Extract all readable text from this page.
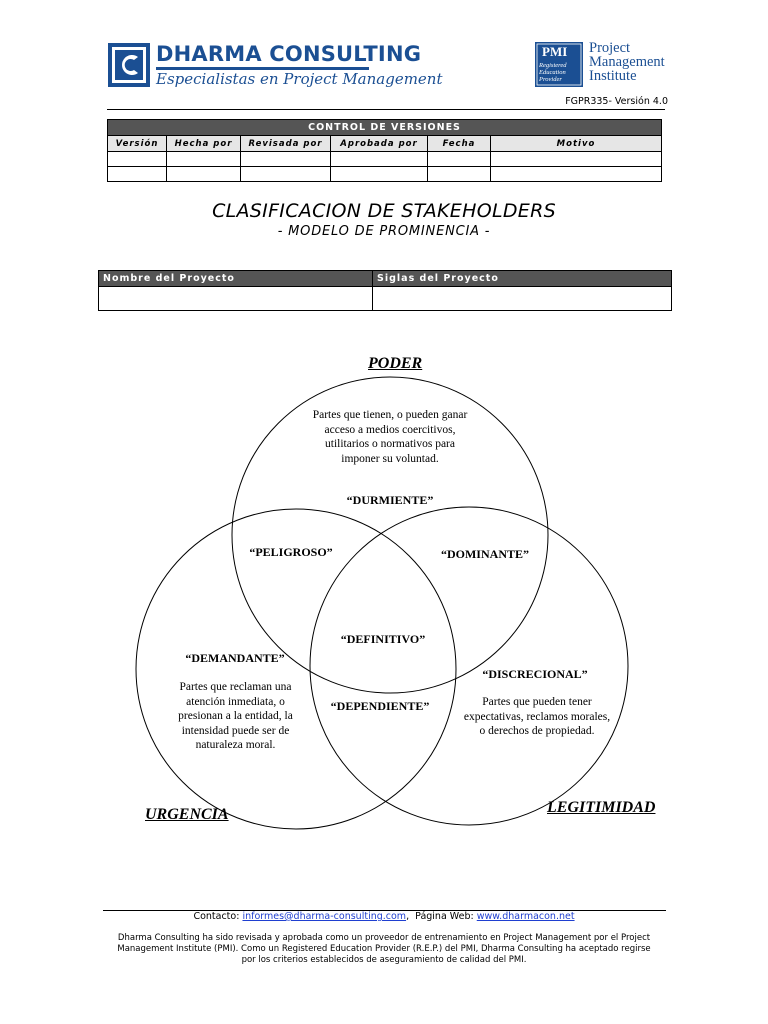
DHARMA CONSULTING
Especialistas en Project Management
PMI
Registered
Education
Provider
Project
Management
Institute
FGPR335- Versión 4.0
CONTROL DE VERSIONES					
Versión	Hecha por	Revisada por	Aprobada por	Fecha	Motivo

CLASIFICACION DE STAKEHOLDERS
- MODELO DE PROMINENCIA -
Nombre del Proyecto	Siglas del Proyecto

PODER
URGENCIA	LEGITIMIDAD
Partes que tienen, o pueden ganar acceso a medios coercitivos, utilitarios o normativos para imponer su voluntad.
“DURMIENTE”
“PELIGROSO”	“DOMINANTE”
“DEFINITIVO”
“DEMANDANTE”
Partes que reclaman una atención inmediata, o presionan a la entidad, la intensidad puede ser de naturaleza moral.
“DEPENDIENTE”
“DISCRECIONAL”
Partes que pueden tener expectativas, reclamos morales, o derechos de propiedad.
Contacto: informes@dharma-consulting.com,  Página Web: www.dharmacon.net
Dharma Consulting ha sido revisada y aprobada como un proveedor de entrenamiento en Project Management por el Project Management Institute (PMI). Como un Registered Education Provider (R.E.P.) del PMI, Dharma Consulting ha aceptado regirse por los criterios establecidos de aseguramiento de calidad del PMI.
